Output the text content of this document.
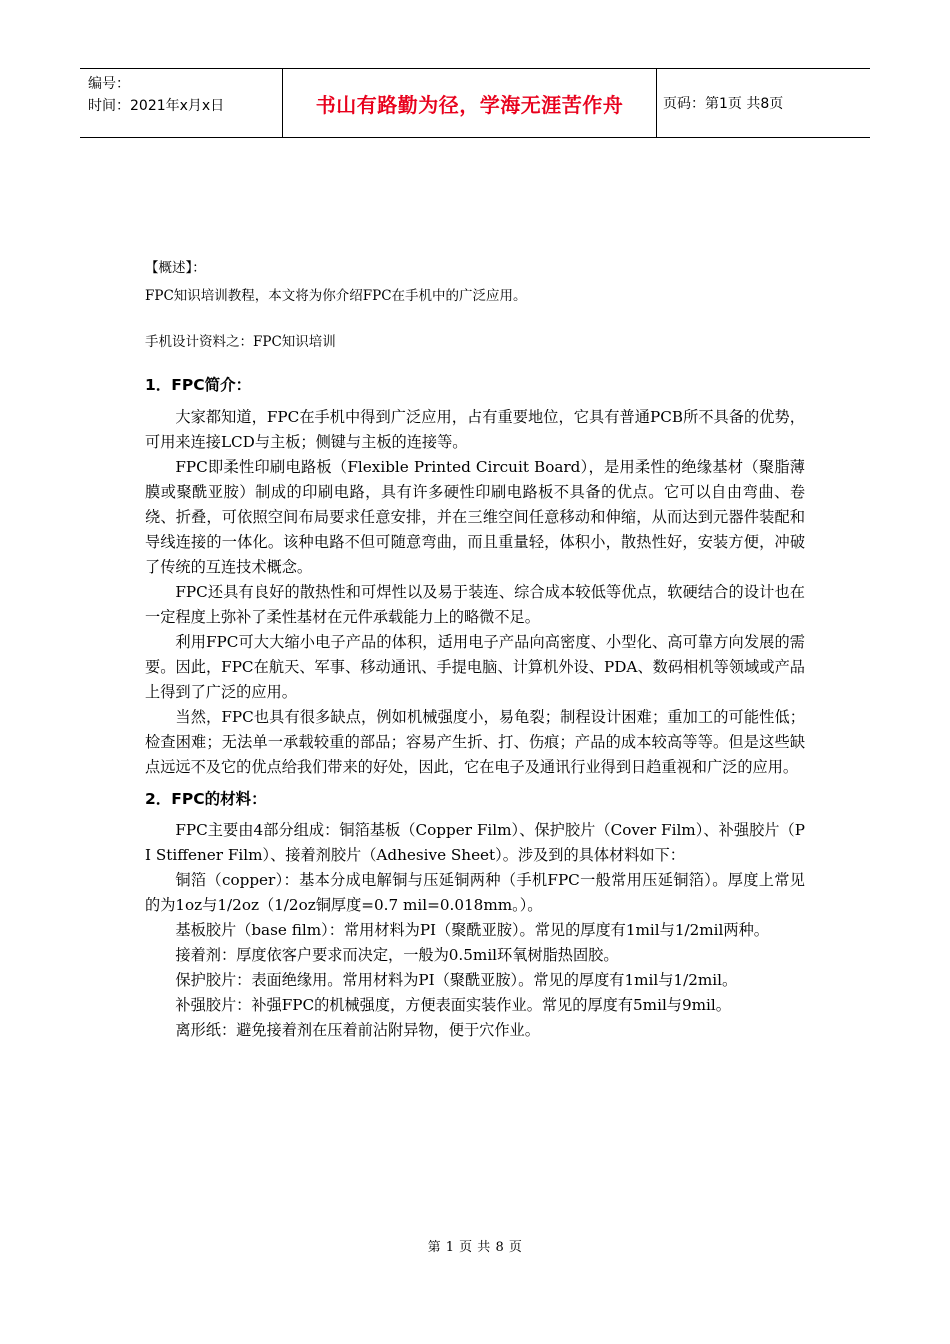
编号：
时间：2021年x月x日	书山有路勤为径，学海无涯苦作舟	页码：第1页 共8页

【概述】：

FPC知识培训教程，本文将为你介绍FPC在手机中的广泛应用。

手机设计资料之：FPC知识培训

1．FPC简介：

大家都知道，FPC在手机中得到广泛应用，占有重要地位，它具有普通PCB所不具备的优势，可用来连接LCD与主板；侧键与主板的连接等。

FPC即柔性印刷电路板（Flexible Printed Circuit Board），是用柔性的绝缘基材（聚脂薄膜或聚酰亚胺）制成的印刷电路，具有许多硬性印刷电路板不具备的优点。它可以自由弯曲、卷绕、折叠，可依照空间布局要求任意安排，并在三维空间任意移动和伸缩，从而达到元器件装配和导线连接的一体化。该种电路不但可随意弯曲，而且重量轻，体积小，散热性好，安装方便，冲破了传统的互连技术概念。

FPC还具有良好的散热性和可焊性以及易于装连、综合成本较低等优点，软硬结合的设计也在一定程度上弥补了柔性基材在元件承载能力上的略微不足。

利用FPC可大大缩小电子产品的体积，适用电子产品向高密度、小型化、高可靠方向发展的需要。因此，FPC在航天、军事、移动通讯、手提电脑、计算机外设、PDA、数码相机等领域或产品上得到了广泛的应用。

当然，FPC也具有很多缺点，例如机械强度小，易龟裂；制程设计困难；重加工的可能性低；检查困难；无法单一承载较重的部品；容易产生折、打、伤痕；产品的成本较高等等。但是这些缺点远远不及它的优点给我们带来的好处，因此，它在电子及通讯行业得到日趋重视和广泛的应用。

2．FPC的材料：

FPC主要由4部分组成：铜箔基板（Copper Film）、保护胶片（Cover Film）、补强胶片（PI Stiffener Film）、接着剂胶片（Adhesive Sheet）。涉及到的具体材料如下：

铜箔（copper）：基本分成电解铜与压延铜两种（手机FPC一般常用压延铜箔）。厚度上常见的为1oz与1/2oz（1/2oz铜厚度=0.7 mil=0.018mm。）。

基板胶片（base film）：常用材料为PI（聚酰亚胺）。常见的厚度有1mil与1/2mil两种。

接着剂：厚度依客户要求而决定，一般为0.5mil环氧树脂热固胶。

保护胶片：表面绝缘用。常用材料为PI（聚酰亚胺）。常见的厚度有1mil与1/2mil。

补强胶片：补强FPC的机械强度，方便表面实装作业。常见的厚度有5mil与9mil。

离形纸：避免接着剂在压着前沾附异物，便于穴作业。

第 1 页 共 8 页
